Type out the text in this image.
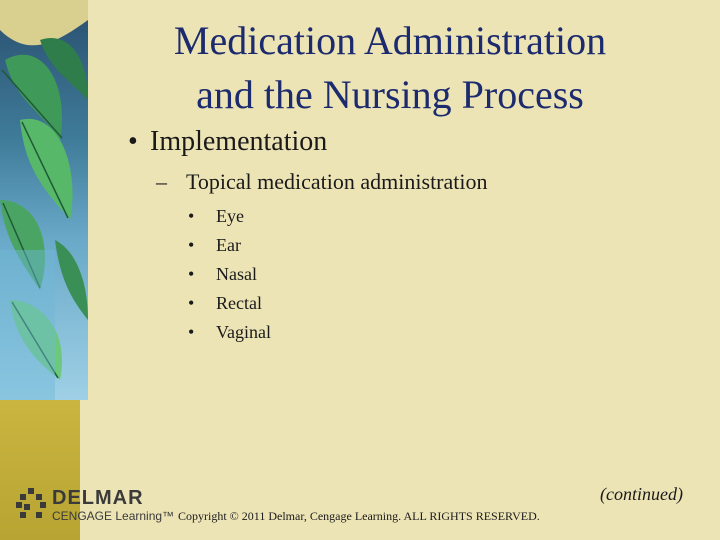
Medication Administration
and the Nursing Process
• Implementation
– Topical medication administration
• Eye
• Ear
• Nasal
• Rectal
• Vaginal
DELMAR
CENGAGE Learning™ Copyright © 2011 Delmar, Cengage Learning. ALL RIGHTS RESERVED.
(continued)
